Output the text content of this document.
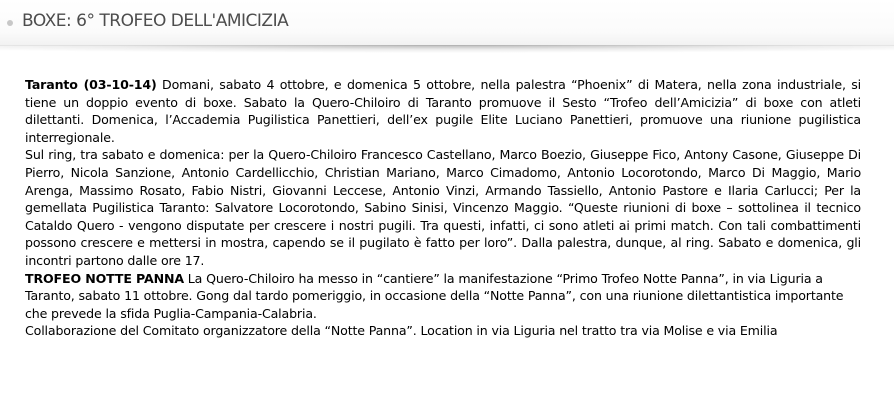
BOXE: 6° TROFEO DELL'AMICIZIA

Taranto (03-10-14) Domani, sabato 4 ottobre, e domenica 5 ottobre, nella palestra “Phoenix” di Matera, nella zona industriale, si tiene un doppio evento di boxe. Sabato la Quero-Chiloiro di Taranto promuove il Sesto “Trofeo dell’Amicizia” di boxe con atleti dilettanti. Domenica, l’Accademia Pugilistica Panettieri, dell’ex pugile Elite Luciano Panettieri, promuove una riunione pugilistica interregionale.

Sul ring, tra sabato e domenica: per la Quero-Chiloiro Francesco Castellano, Marco Boezio, Giuseppe Fico, Antony Casone, Giuseppe Di Pierro, Nicola Sanzione, Antonio Cardellicchio, Christian Mariano, Marco Cimadomo, Antonio Locorotondo, Marco Di Maggio, Mario Arenga, Massimo Rosato, Fabio Nistri, Giovanni Leccese, Antonio Vinzi, Armando Tassiello, Antonio Pastore e Ilaria Carlucci; Per la gemellata Pugilistica Taranto: Salvatore Locorotondo, Sabino Sinisi, Vincenzo Maggio. “Queste riunioni di boxe – sottolinea il tecnico Cataldo Quero - vengono disputate per crescere i nostri pugili. Tra questi, infatti, ci sono atleti ai primi match. Con tali combattimenti possono crescere e mettersi in mostra, capendo se il pugilato è fatto per loro”. Dalla palestra, dunque, al ring. Sabato e domenica, gli incontri partono dalle ore 17.

TROFEO NOTTE PANNA La Quero-Chiloiro ha messo in “cantiere” la manifestazione “Primo Trofeo Notte Panna”, in via Liguria a Taranto, sabato 11 ottobre. Gong dal tardo pomeriggio, in occasione della “Notte Panna”, con una riunione dilettantistica importante che prevede la sfida Puglia-Campania-Calabria.

Collaborazione del Comitato organizzatore della “Notte Panna”. Location in via Liguria nel tratto tra via Molise e via Emilia
